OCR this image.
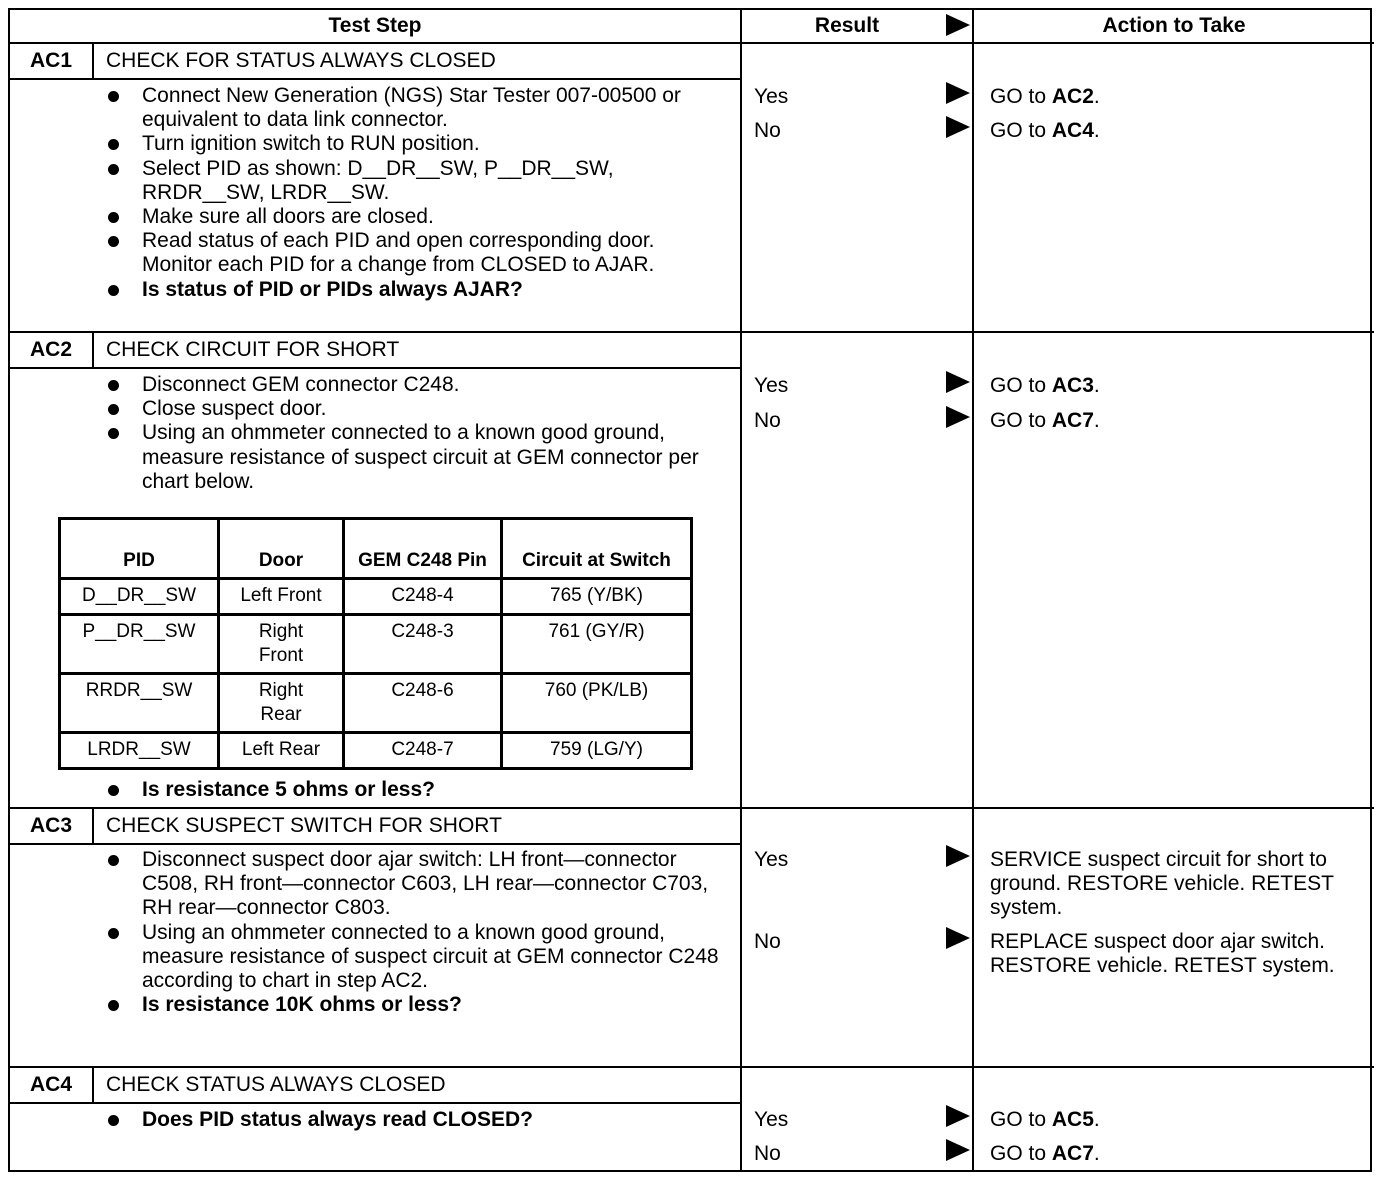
Test Step	Result	Action to Take
AC1	CHECK FOR STATUS ALWAYS CLOSED
Connect New Generation (NGS) Star Tester 007-00500 or equivalent to data link connector.
Turn ignition switch to RUN position.
Select PID as shown: D__DR__SW, P__DR__SW, RRDR__SW, LRDR__SW.
Make sure all doors are closed.
Read status of each PID and open corresponding door. Monitor each PID for a change from CLOSED to AJAR.
Is status of PID or PIDs always AJAR?
Yes	GO to AC2.
No	GO to AC4.
AC2	CHECK CIRCUIT FOR SHORT
Disconnect GEM connector C248.
Close suspect door.
Using an ohmmeter connected to a known good ground, measure resistance of suspect circuit at GEM connector per chart below.
PID	Door	GEM C248 Pin	Circuit at Switch
D__DR__SW	Left Front	C248-4	765 (Y/BK)
P__DR__SW	Right Front	C248-3	761 (GY/R)
RRDR__SW	Right Rear	C248-6	760 (PK/LB)
LRDR__SW	Left Rear	C248-7	759 (LG/Y)
Is resistance 5 ohms or less?
Yes	GO to AC3.
No	GO to AC7.
AC3	CHECK SUSPECT SWITCH FOR SHORT
Disconnect suspect door ajar switch: LH front—connector C508, RH front—connector C603, LH rear—connector C703, RH rear—connector C803.
Using an ohmmeter connected to a known good ground, measure resistance of suspect circuit at GEM connector C248 according to chart in step AC2.
Is resistance 10K ohms or less?
Yes	SERVICE suspect circuit for short to ground. RESTORE vehicle. RETEST system.
No	REPLACE suspect door ajar switch. RESTORE vehicle. RETEST system.
AC4	CHECK STATUS ALWAYS CLOSED
Does PID status always read CLOSED?	Yes	GO to AC5.
No	GO to AC7.
